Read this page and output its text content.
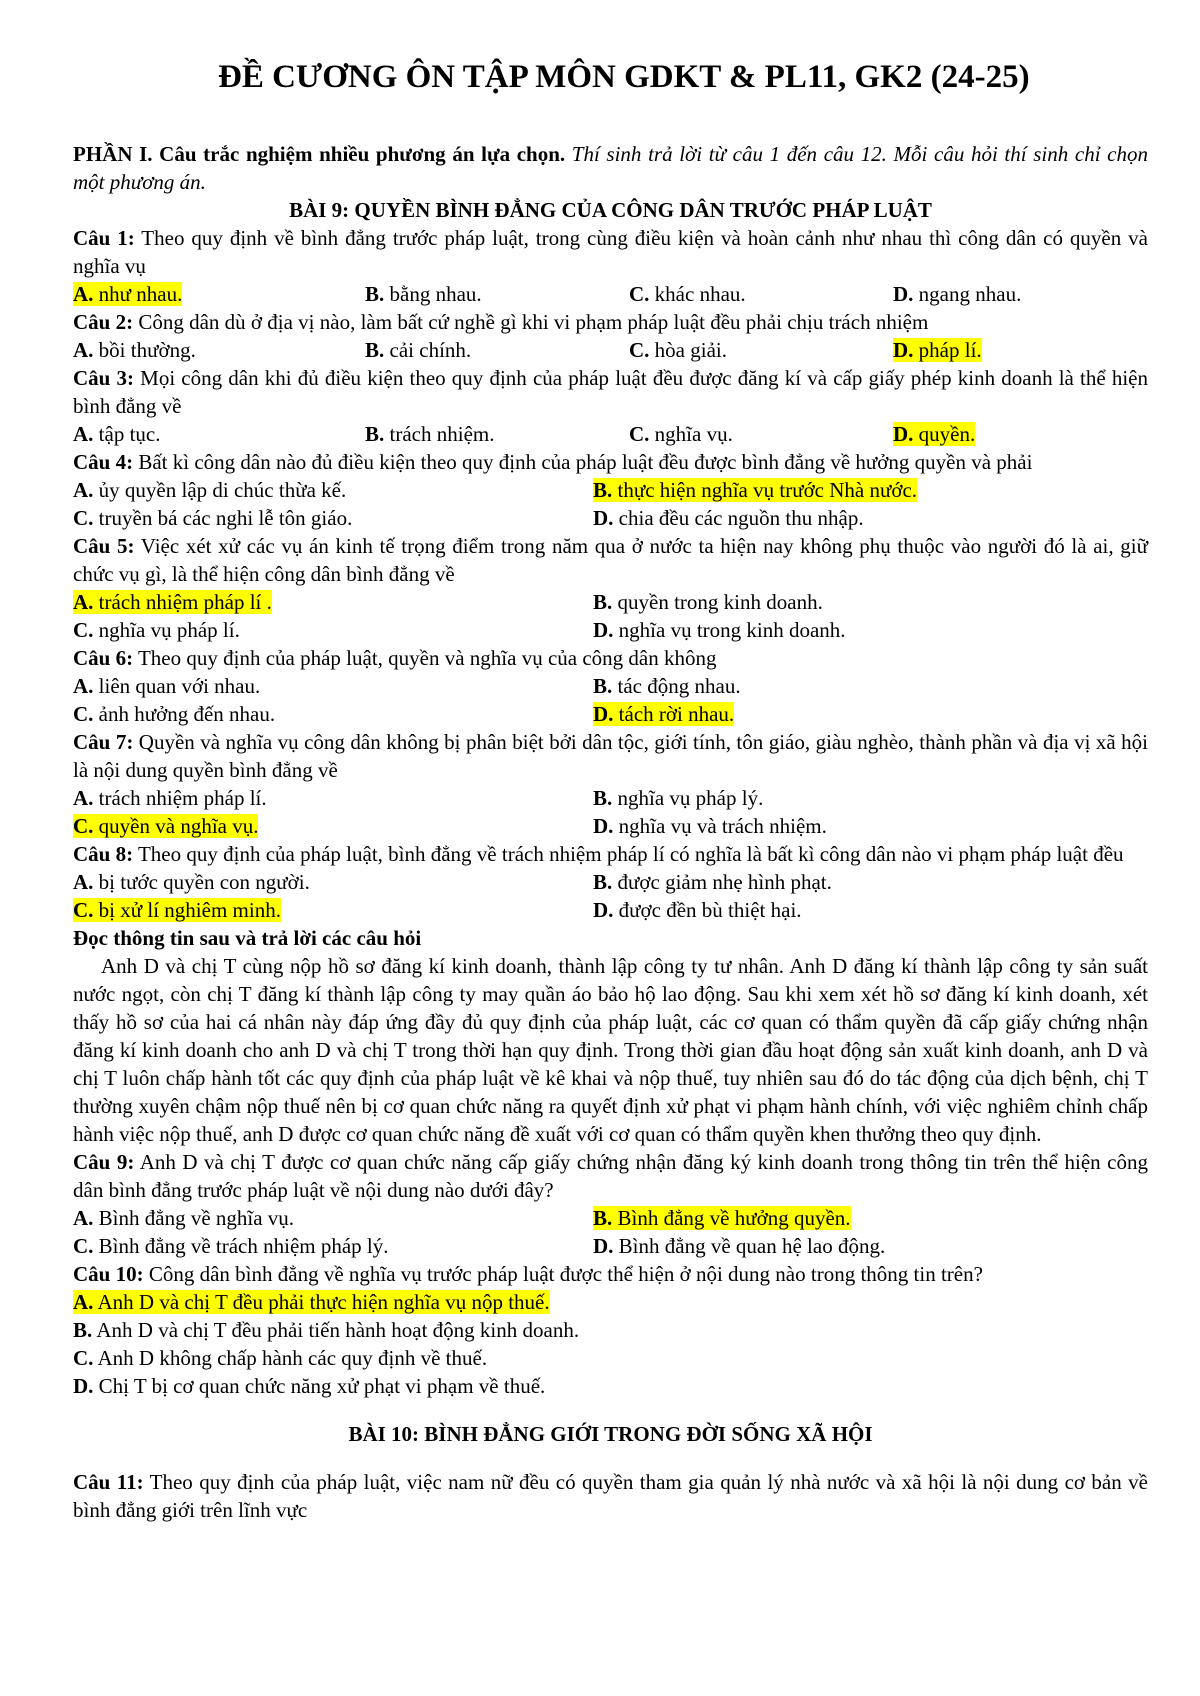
ĐỀ CƯƠNG ÔN TẬP MÔN GDKT & PL11, GK2 (24-25)

PHẦN I. Câu trắc nghiệm nhiều phương án lựa chọn. Thí sinh trả lời từ câu 1 đến câu 12. Mỗi câu hỏi thí sinh chỉ chọn một phương án.

BÀI 9: QUYỀN BÌNH ĐẲNG CỦA CÔNG DÂN TRƯỚC PHÁP LUẬT

Câu 1: Theo quy định về bình đẳng trước pháp luật, trong cùng điều kiện và hoàn cảnh như nhau thì công dân có quyền và nghĩa vụ

A. như nhau.	B. bằng nhau.	C. khác nhau.	D. ngang nhau.

Câu 2: Công dân dù ở địa vị nào, làm bất cứ nghề gì khi vi phạm pháp luật đều phải chịu trách nhiệm

A. bồi thường.	B. cải chính.	C. hòa giải.	D. pháp lí.

Câu 3: Mọi công dân khi đủ điều kiện theo quy định của pháp luật đều được đăng kí và cấp giấy phép kinh doanh là thể hiện bình đẳng về

A. tập tục.	B. trách nhiệm.	C. nghĩa vụ.	D. quyền.

Câu 4: Bất kì công dân nào đủ điều kiện theo quy định của pháp luật đều được bình đẳng về hưởng quyền và phải

A. ủy quyền lập di chúc thừa kế.	B. thực hiện nghĩa vụ trước Nhà nước.
C. truyền bá các nghi lễ tôn giáo.	D. chia đều các nguồn thu nhập.

Câu 5: Việc xét xử các vụ án kinh tế trọng điểm trong năm qua ở nước ta hiện nay không phụ thuộc vào người đó là ai, giữ chức vụ gì, là thể hiện công dân bình đẳng về

A. trách nhiệm pháp lí .	B. quyền trong kinh doanh.
C. nghĩa vụ pháp lí.	D. nghĩa vụ trong kinh doanh.

Câu 6: Theo quy định của pháp luật, quyền và nghĩa vụ của công dân không

A. liên quan với nhau.	B. tác động nhau.
C. ảnh hưởng đến nhau.	D. tách rời nhau.

Câu 7: Quyền và nghĩa vụ công dân không bị phân biệt bởi dân tộc, giới tính, tôn giáo, giàu nghèo, thành phần và địa vị xã hội là nội dung quyền bình đẳng về

A. trách nhiệm pháp lí.	B. nghĩa vụ pháp lý.
C. quyền và nghĩa vụ.	D. nghĩa vụ và trách nhiệm.

Câu 8: Theo quy định của pháp luật, bình đẳng về trách nhiệm pháp lí có nghĩa là bất kì công dân nào vi phạm pháp luật đều

A. bị tước quyền con người.	B. được giảm nhẹ hình phạt.
C. bị xử lí nghiêm minh.	D. được đền bù thiệt hại.

Đọc thông tin sau và trả lời các câu hỏi

Anh D và chị T cùng nộp hồ sơ đăng kí kinh doanh, thành lập công ty tư nhân. Anh D đăng kí thành lập công ty sản suất nước ngọt, còn chị T đăng kí thành lập công ty may quần áo bảo hộ lao động. Sau khi xem xét hồ sơ đăng kí kinh doanh, xét thấy hồ sơ của hai cá nhân này đáp ứng đầy đủ quy định của pháp luật, các cơ quan có thẩm quyền đã cấp giấy chứng nhận đăng kí kinh doanh cho anh D và chị T trong thời hạn quy định. Trong thời gian đầu hoạt động sản xuất kinh doanh, anh D và chị T luôn chấp hành tốt các quy định của pháp luật về kê khai và nộp thuế, tuy nhiên sau đó do tác động của dịch bệnh, chị T thường xuyên chậm nộp thuế nên bị cơ quan chức năng ra quyết định xử phạt vi phạm hành chính, với việc nghiêm chỉnh chấp hành việc nộp thuế, anh D được cơ quan chức năng đề xuất với cơ quan có thẩm quyền khen thưởng theo quy định.

Câu 9: Anh D và chị T được cơ quan chức năng cấp giấy chứng nhận đăng ký kinh doanh trong thông tin trên thể hiện công dân bình đẳng trước pháp luật về nội dung nào dưới đây?

A. Bình đẳng về nghĩa vụ.	B. Bình đẳng về hưởng quyền.
C. Bình đẳng về trách nhiệm pháp lý.	D. Bình đẳng về quan hệ lao động.

Câu 10: Công dân bình đẳng về nghĩa vụ trước pháp luật được thể hiện ở nội dung nào trong thông tin trên?

A. Anh D và chị T đều phải thực hiện nghĩa vụ nộp thuế.
B. Anh D và chị T đều phải tiến hành hoạt động kinh doanh.
C. Anh D không chấp hành các quy định về thuế.
D. Chị T bị cơ quan chức năng xử phạt vi phạm về thuế.

BÀI 10: BÌNH ĐẲNG GIỚI TRONG ĐỜI SỐNG XÃ HỘI

Câu 11: Theo quy định của pháp luật, việc nam nữ đều có quyền tham gia quản lý nhà nước và xã hội là nội dung cơ bản về bình đẳng giới trên lĩnh vực
